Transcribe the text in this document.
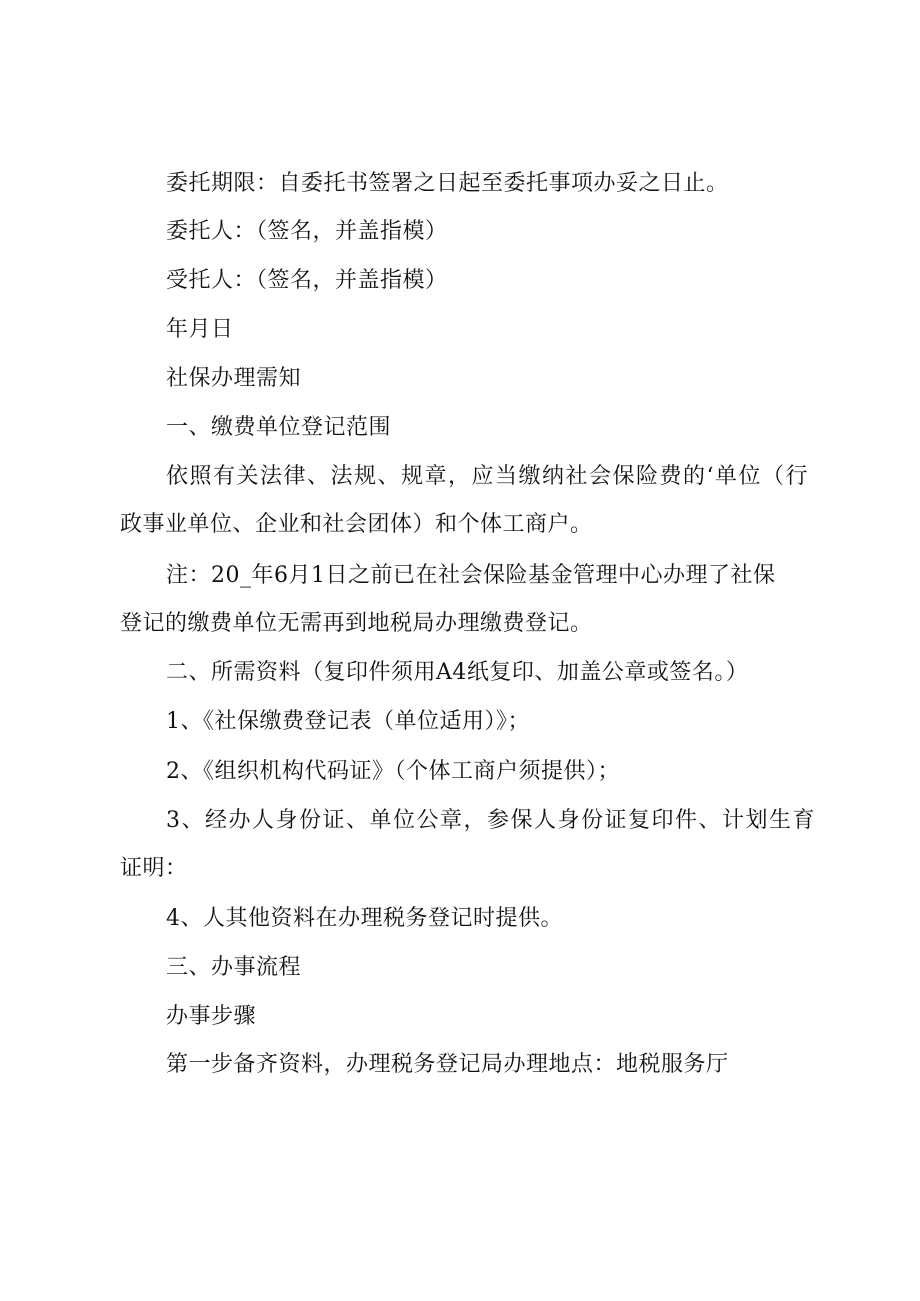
委托期限：自委托书签署之日起至委托事项办妥之日止。

委托人：（签名，并盖指模）

受托人：（签名，并盖指模）

年月日

社保办理需知

一、缴费单位登记范围

依照有关法律、法规、规章，应当缴纳社会保险费的‘单位（行

政事业单位、企业和社会团体）和个体工商户。

注：20_年6月1日之前已在社会保险基金管理中心办理了社保

登记的缴费单位无需再到地税局办理缴费登记。

二、所需资料（复印件须用A4纸复印、加盖公章或签名。）

1、《社保缴费登记表（单位适用）》；

2、《组织机构代码证》（个体工商户须提供）；

3、经办人身份证、单位公章，参保人身份证复印件、计划生育

证明：

4、人其他资料在办理税务登记时提供。

三、办事流程

办事步骤

第一步备齐资料，办理税务登记局办理地点：地税服务厅
